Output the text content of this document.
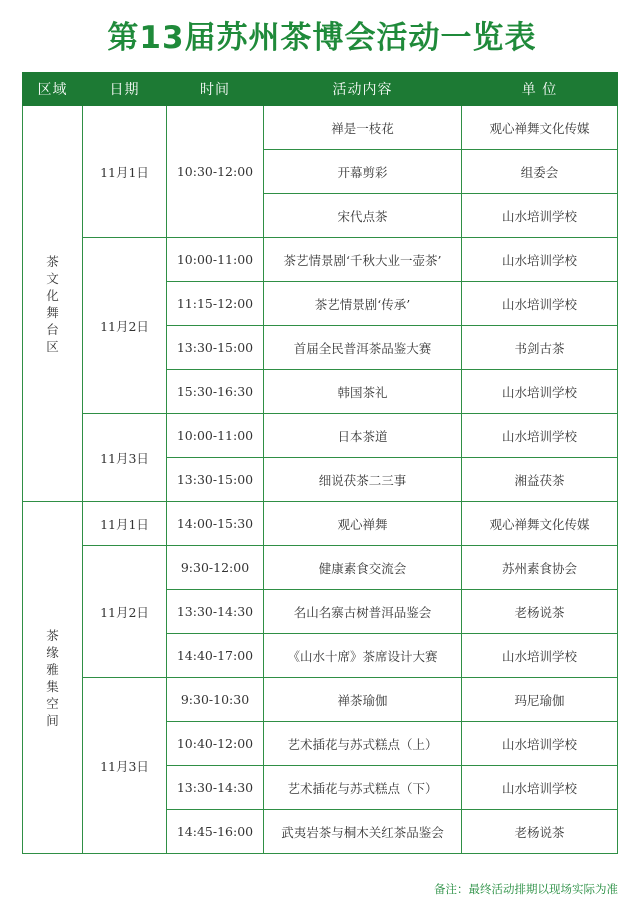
第13届苏州茶博会活动一览表
区域	日期	时间	活动内容	单 位
茶文化舞台区	11月1日	10:30-12:00	禅是一枝花	观心禅舞文化传媒
			开幕剪彩	组委会
			宋代点茶	山水培训学校
	11月2日	10:00-11:00	茶艺情景剧‘千秋大业一壶茶’	山水培训学校
		11:15-12:00	茶艺情景剧‘传承’	山水培训学校
		13:30-15:00	首届全民普洱茶品鉴大赛	书剑古茶
		15:30-16:30	韩国茶礼	山水培训学校
	11月3日	10:00-11:00	日本茶道	山水培训学校
		13:30-15:00	细说茯茶二三事	湘益茯茶
茶缘雅集空间	11月1日	14:00-15:30	观心禅舞	观心禅舞文化传媒
	11月2日	9:30-12:00	健康素食交流会	苏州素食协会
		13:30-14:30	名山名寨古树普洱品鉴会	老杨说茶
		14:40-17:00	《山水十席》茶席设计大赛	山水培训学校
	11月3日	9:30-10:30	禅茶瑜伽	玛尼瑜伽
		10:40-12:00	艺术插花与苏式糕点（上）	山水培训学校
		13:30-14:30	艺术插花与苏式糕点（下）	山水培训学校
		14:45-16:00	武夷岩茶与桐木关红茶品鉴会	老杨说茶
备注：最终活动排期以现场实际为准
